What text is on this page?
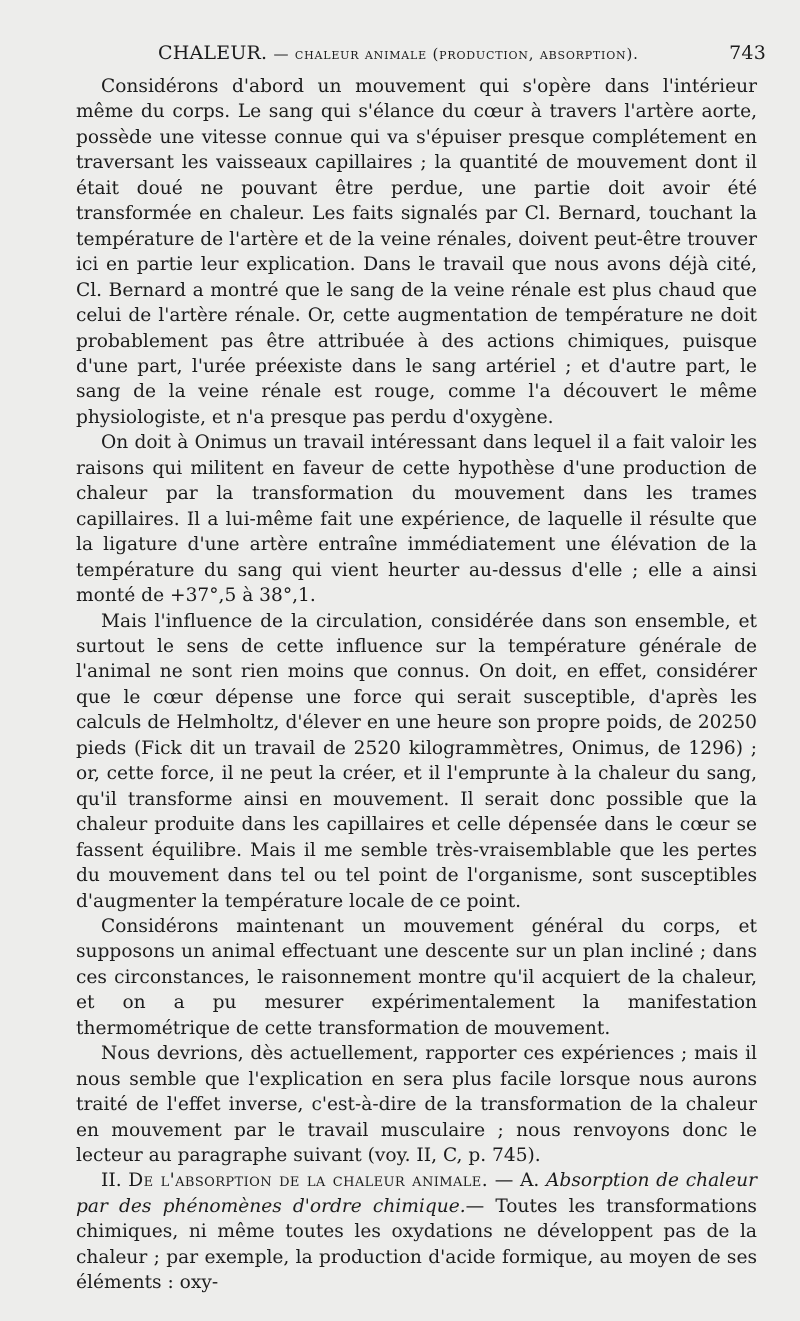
CHALEUR. — chaleur animale (production, absorption).	743

Considérons d'abord un mouvement qui s'opère dans l'intérieur même du corps. Le sang qui s'élance du cœur à travers l'artère aorte, possède une vitesse connue qui va s'épuiser presque complétement en traversant les vaisseaux capillaires ; la quantité de mouvement dont il était doué ne pouvant être perdue, une partie doit avoir été transformée en chaleur. Les faits signalés par Cl. Bernard, touchant la température de l'artère et de la veine rénales, doivent peut-être trouver ici en partie leur explication. Dans le travail que nous avons déjà cité, Cl. Bernard a montré que le sang de la veine rénale est plus chaud que celui de l'artère rénale. Or, cette augmentation de température ne doit probablement pas être attribuée à des actions chimiques, puisque d'une part, l'urée préexiste dans le sang artériel ; et d'autre part, le sang de la veine rénale est rouge, comme l'a découvert le même physiologiste, et n'a presque pas perdu d'oxygène.

On doit à Onimus un travail intéressant dans lequel il a fait valoir les raisons qui militent en faveur de cette hypothèse d'une production de chaleur par la transformation du mouvement dans les trames capillaires. Il a lui-même fait une expérience, de laquelle il résulte que la ligature d'une artère entraîne immédiatement une élévation de la température du sang qui vient heurter au-dessus d'elle ; elle a ainsi monté de +37°,5 à 38°,1.

Mais l'influence de la circulation, considérée dans son ensemble, et surtout le sens de cette influence sur la température générale de l'animal ne sont rien moins que connus. On doit, en effet, considérer que le cœur dépense une force qui serait susceptible, d'après les calculs de Helmholtz, d'élever en une heure son propre poids, de 20250 pieds (Fick dit un travail de 2520 kilogrammètres, Onimus, de 1296) ; or, cette force, il ne peut la créer, et il l'emprunte à la chaleur du sang, qu'il transforme ainsi en mouvement. Il serait donc possible que la chaleur produite dans les capillaires et celle dépensée dans le cœur se fassent équilibre. Mais il me semble très-vraisemblable que les pertes du mouvement dans tel ou tel point de l'organisme, sont susceptibles d'augmenter la température locale de ce point.

Considérons maintenant un mouvement général du corps, et supposons un animal effectuant une descente sur un plan incliné ; dans ces circonstances, le raisonnement montre qu'il acquiert de la chaleur, et on a pu mesurer expérimentalement la manifestation thermométrique de cette transformation de mouvement.

Nous devrions, dès actuellement, rapporter ces expériences ; mais il nous semble que l'explication en sera plus facile lorsque nous aurons traité de l'effet inverse, c'est-à-dire de la transformation de la chaleur en mouvement par le travail musculaire ; nous renvoyons donc le lecteur au paragraphe suivant (voy. II, C, p. 745).

II. De l'absorption de la chaleur animale. — A. Absorption de chaleur par des phénomènes d'ordre chimique.— Toutes les transformations chimiques, ni même toutes les oxydations ne développent pas de la chaleur ; par exemple, la production d'acide formique, au moyen de ses éléments : oxy-
